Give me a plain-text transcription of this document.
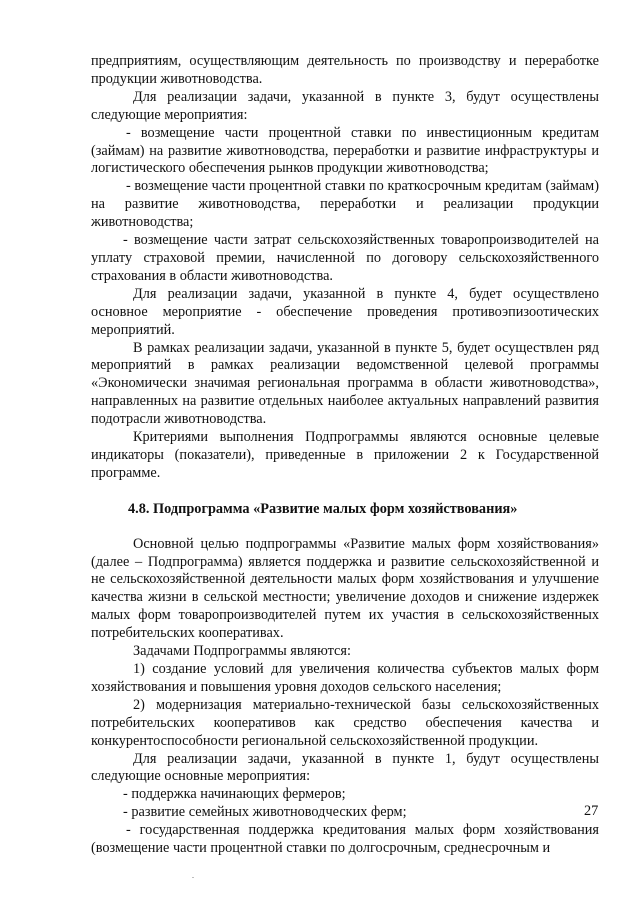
предприятиям, осуществляющим деятельность по производству и переработке продукции животноводства.

Для реализации задачи, указанной в пункте 3, будут осуществлены следующие мероприятия:

- возмещение части процентной ставки по инвестиционным кредитам (займам) на развитие животноводства, переработки и развитие инфраструктуры и логистического обеспечения рынков продукции животноводства;

- возмещение части процентной ставки по краткосрочным кредитам (займам) на развитие животноводства, переработки и реализации продукции животноводства;

- возмещение части затрат сельскохозяйственных товаропроизводителей на уплату страховой премии, начисленной по договору сельскохозяйственного страхования в области животноводства.

Для реализации задачи, указанной в пункте 4, будет осуществлено основное мероприятие - обеспечение проведения противоэпизоотических мероприятий.

В рамках реализации задачи, указанной в пункте 5, будет осуществлен ряд мероприятий в рамках реализации ведомственной целевой программы «Экономически значимая региональная программа в области животноводства», направленных на развитие отдельных наиболее актуальных направлений развития подотрасли животноводства.

Критериями выполнения Подпрограммы являются основные целевые индикаторы (показатели), приведенные в приложении 2 к Государственной программе.

4.8. Подпрограмма «Развитие малых форм хозяйствования»

Основной целью подпрограммы «Развитие малых форм хозяйствования» (далее – Подпрограмма) является поддержка и развитие сельскохозяйственной и не сельскохозяйственной деятельности малых форм хозяйствования и улучшение качества жизни в сельской местности; увеличение доходов и снижение издержек малых форм товаропроизводителей путем их участия в сельскохозяйственных потребительских кооперативах.

Задачами Подпрограммы являются:

1) создание условий для увеличения количества субъектов малых форм хозяйствования и повышения уровня доходов сельского населения;

2) модернизация материально-технической базы сельскохозяйственных потребительских кооперативов как средство обеспечения качества и конкурентоспособности региональной сельскохозяйственной продукции.

Для реализации задачи, указанной в пункте 1, будут осуществлены следующие основные мероприятия:

- поддержка начинающих фермеров;

- развитие семейных животноводческих ферм;

- государственная поддержка кредитования малых форм хозяйствования (возмещение части процентной ставки по долгосрочным, среднесрочным и

27
